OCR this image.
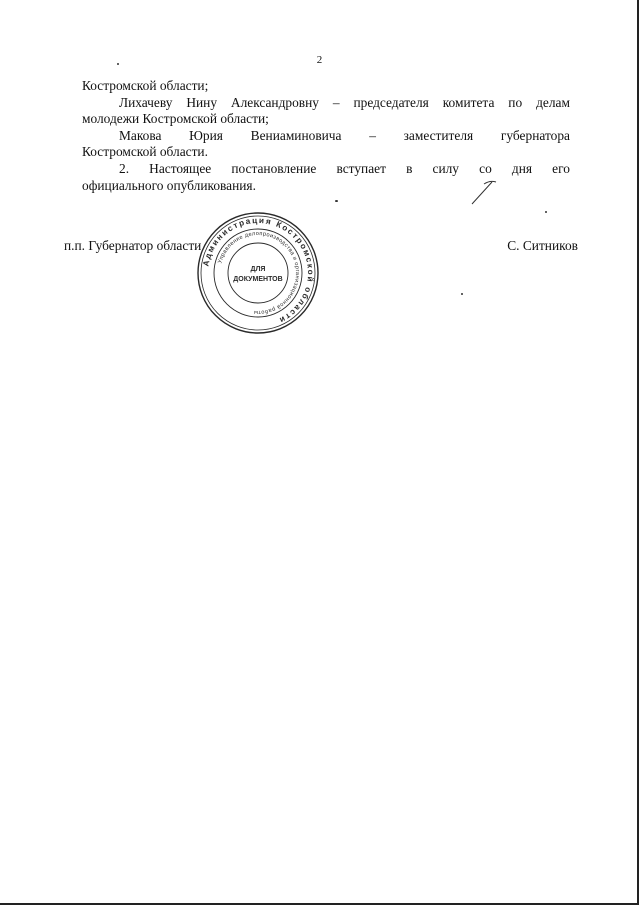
2
Костромской области;
Лихачеву Нину Александровну – председателя комитета по делам
молодежи Костромской области;
Макова Юрия Вениаминовича – заместителя губернатора
Костромской области.
2. Настоящее постановление вступает в силу со дня его
официального опубликования.
п.п. Губернатор области	С. Ситников
Администрация Костромской области
Управление делопроизводства и организационной работы
ДЛЯ
ДОКУМЕНТОВ
